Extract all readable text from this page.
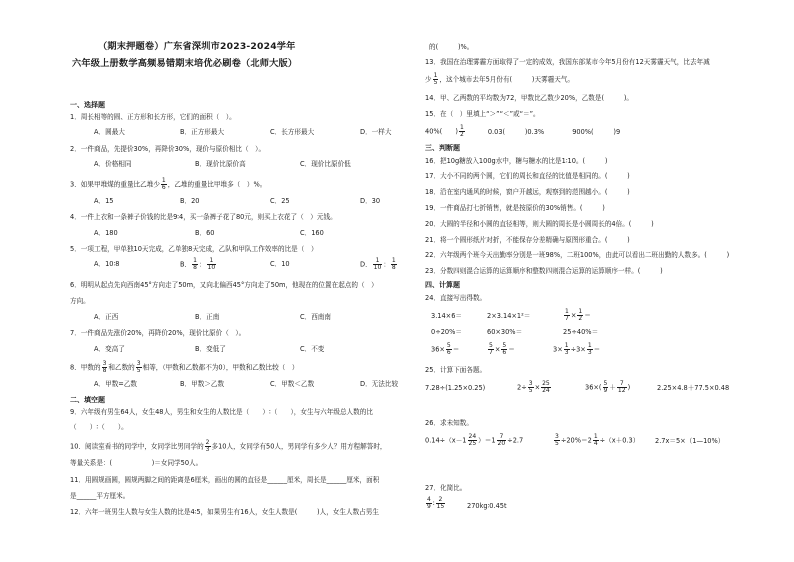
（期末押题卷）广东省深圳市2023-2024学年
六年级上册数学高频易错期末培优必刷卷（北师大版）
一、选择题
1．周长相等的圆、正方形和长方形，它们的面积（　）。
A．圆最大	B．正方形最大	C．长方形最大	D．一样大
2．一件商品，先提价30%，再降价30%，现价与原价相比（　）。
A．价格相同	B．现价比原价高	C．现价比原价低
3．如果甲堆煤的重量比乙堆少 $\frac{1}{6}$ ，乙堆的重量比甲堆多（　）%。
A．15	B．20	C．25	D．30
4．一件上衣和一条裤子价钱的比是9∶4，买一条裤子花了80元，则买上衣花了（　）元钱。
A．180	B．60	C．160
5．一项工程，甲单独10天完成，乙单独8天完成，乙队和甲队工作效率的比是（　）
A．10∶8	B． $\frac{1}{8}$ ： $\frac{1}{10}$	C．10	D． $\frac{1}{10}$ ： $\frac{1}{8}$
6．明明从起点先向西南45°方向走了50m，又向北偏西45°方向走了50m，他现在的位置在起点的（　）
方向。
A．正西	B．正南	C．西南南
7．一件商品先涨价20%，再降价20%，现价比原价（　）。
A．变高了	B．变低了	C．不变
8．甲数的 $\frac{3}{8}$ 和乙数的 $\frac{3}{5}$ 相等，（甲数和乙数都不为0），甲数和乙数比较（　）
A．甲数=乙数	B．甲数＞乙数	C．甲数＜乙数	D．无法比较
二、填空题
9．六年级有男生64人，女生48人，男生和女生的人数比是（　　）∶（　　），女生与六年级总人数的比
（　　）∶（　　）。
10．阅读室看书的同学中，女同学比男同学的 $\frac{2}{3}$ 多10人，女同学有50人，男同学有多少人？用方程解答时，
等量关系是：(　　　　　　)＝女同学50人。
11．用圆规画圆，圆规两脚之间的距离是6厘米，画出的圆的直径是______厘米，周长是______厘米，面积
是______平方厘米。
12．六年一班男生人数与女生人数的比是4∶5，如果男生有16人，女生人数是(　　　)人，女生人数占男生
的(　　　)%。
13．我国在治理雾霾方面取得了一定的成效，我国东部某市今年5月份有12天雾霾天气，比去年减
少 $\frac{1}{5}$ ，这个城市去年5月份有(　　　)天雾霾天气。
14．甲、乙两数的平均数为72，甲数比乙数少20%，乙数是(　　　)。
15．在（　）里填上“＞”“＜”或“＝”。
40%(　　) $\frac{1}{2}$	0.03(　　　)0.3%	900%(　　　)9
三、判断题
16．把10g糖放入100g水中，糖与糖水的比是1∶10。(　　　)
17．大小不同的两个圆，它们的周长和直径的比值是相同的。(　　　)
18．沿在室内通风的时候，窗户开越远，观察到的范围越小。(　　　)
19．一件商品打七折销售，就是按原价的30%销售。(　　　)
20．大圆的半径和小圆的直径相等，则大圆的周长是小圆周长的4倍。(　　　)
21．将一个圆形纸片对折，不能保存分差精确与原图形重合。(　　　)
22．六年级两个班今天出勤率分别是一班98%，二班100%，由此可以看出二班出勤的人数多。(　　　)
23．分数四则混合运算的运算顺序和整数四则混合运算的运算顺序一样。(　　　)
四、计算题
24．直接写出得数。
3.14×6＝	2×3.14×1²＝	$\frac{1}{7} \times \frac{1}{2}$ ＝
0÷20%＝	60×30%＝	25÷40%＝
$36\times \frac{5}{6}$ ＝	$\frac{5}{7} \times \frac{5}{6}$ ＝	$3\times \frac{1}{3} \div 3\times \frac{1}{3}$ ＝
25．计算下面各题。
7.28÷(1.25×0.25)	$2\div \frac{3}{5} \times \frac{25}{24}$	$36\times( \frac{5}{9} + \frac{7}{12}$ )	2.25×4.8＋77.5×0.48
26．求未知数。
$0.14\div(x-1 \frac{24}{25} )=1 \frac{7}{20} \div 2.7$	$\frac{3}{5} \div 20\%=2 \frac{1}{4} \div(x+0.3)$ 2.7x＝5×（1—10%）
27．化简比。
$\frac{4}{9}$ ∶ $\frac{2}{15}$	270kg∶0.45t
